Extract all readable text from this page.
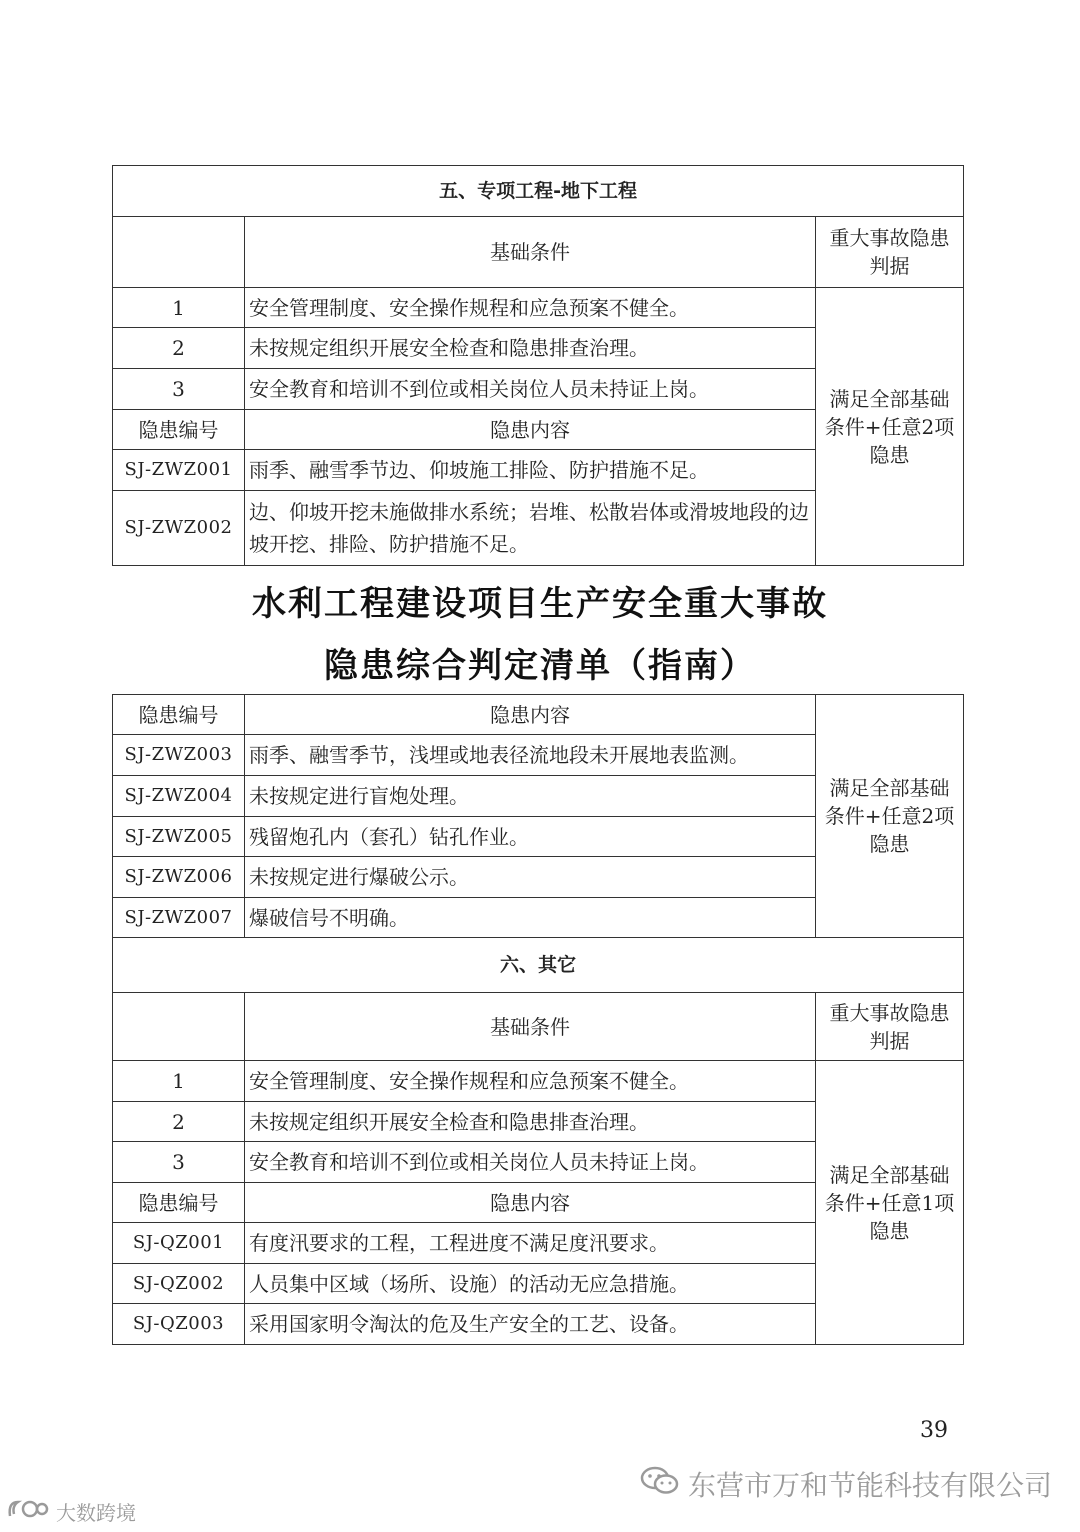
五、专项工程-地下工程		
	基础条件	重大事故隐患判据
1	安全管理制度、安全操作规程和应急预案不健全。	满足全部基础条件+任意2项隐患
2	未按规定组织开展安全检查和隐患排查治理。	
3	安全教育和培训不到位或相关岗位人员未持证上岗。	
隐患编号	隐患内容	
SJ-ZWZ001	雨季、融雪季节边、仰坡施工排险、防护措施不足。	
SJ-ZWZ002	边、仰坡开挖未施做排水系统；岩堆、松散岩体或滑坡地段的边坡开挖、排险、防护措施不足。	
水利工程建设项目生产安全重大事故
隐患综合判定清单（指南）
隐患编号	隐患内容	满足全部基础条件+任意2项隐患
SJ-ZWZ003	雨季、融雪季节，浅埋或地表径流地段未开展地表监测。	
SJ-ZWZ004	未按规定进行盲炮处理。	
SJ-ZWZ005	残留炮孔内（套孔）钻孔作业。	
SJ-ZWZ006	未按规定进行爆破公示。	
SJ-ZWZ007	爆破信号不明确。	
六、其它		
	基础条件	重大事故隐患判据
1	安全管理制度、安全操作规程和应急预案不健全。	满足全部基础条件+任意1项隐患
2	未按规定组织开展安全检查和隐患排查治理。	
3	安全教育和培训不到位或相关岗位人员未持证上岗。	
隐患编号	隐患内容	
SJ-QZ001	有度汛要求的工程，工程进度不满足度汛要求。	
SJ-QZ002	人员集中区域（场所、设施）的活动无应急措施。	
SJ-QZ003	采用国家明令淘汰的危及生产安全的工艺、设备。	
39
东营市万和节能科技有限公司
大数跨境
